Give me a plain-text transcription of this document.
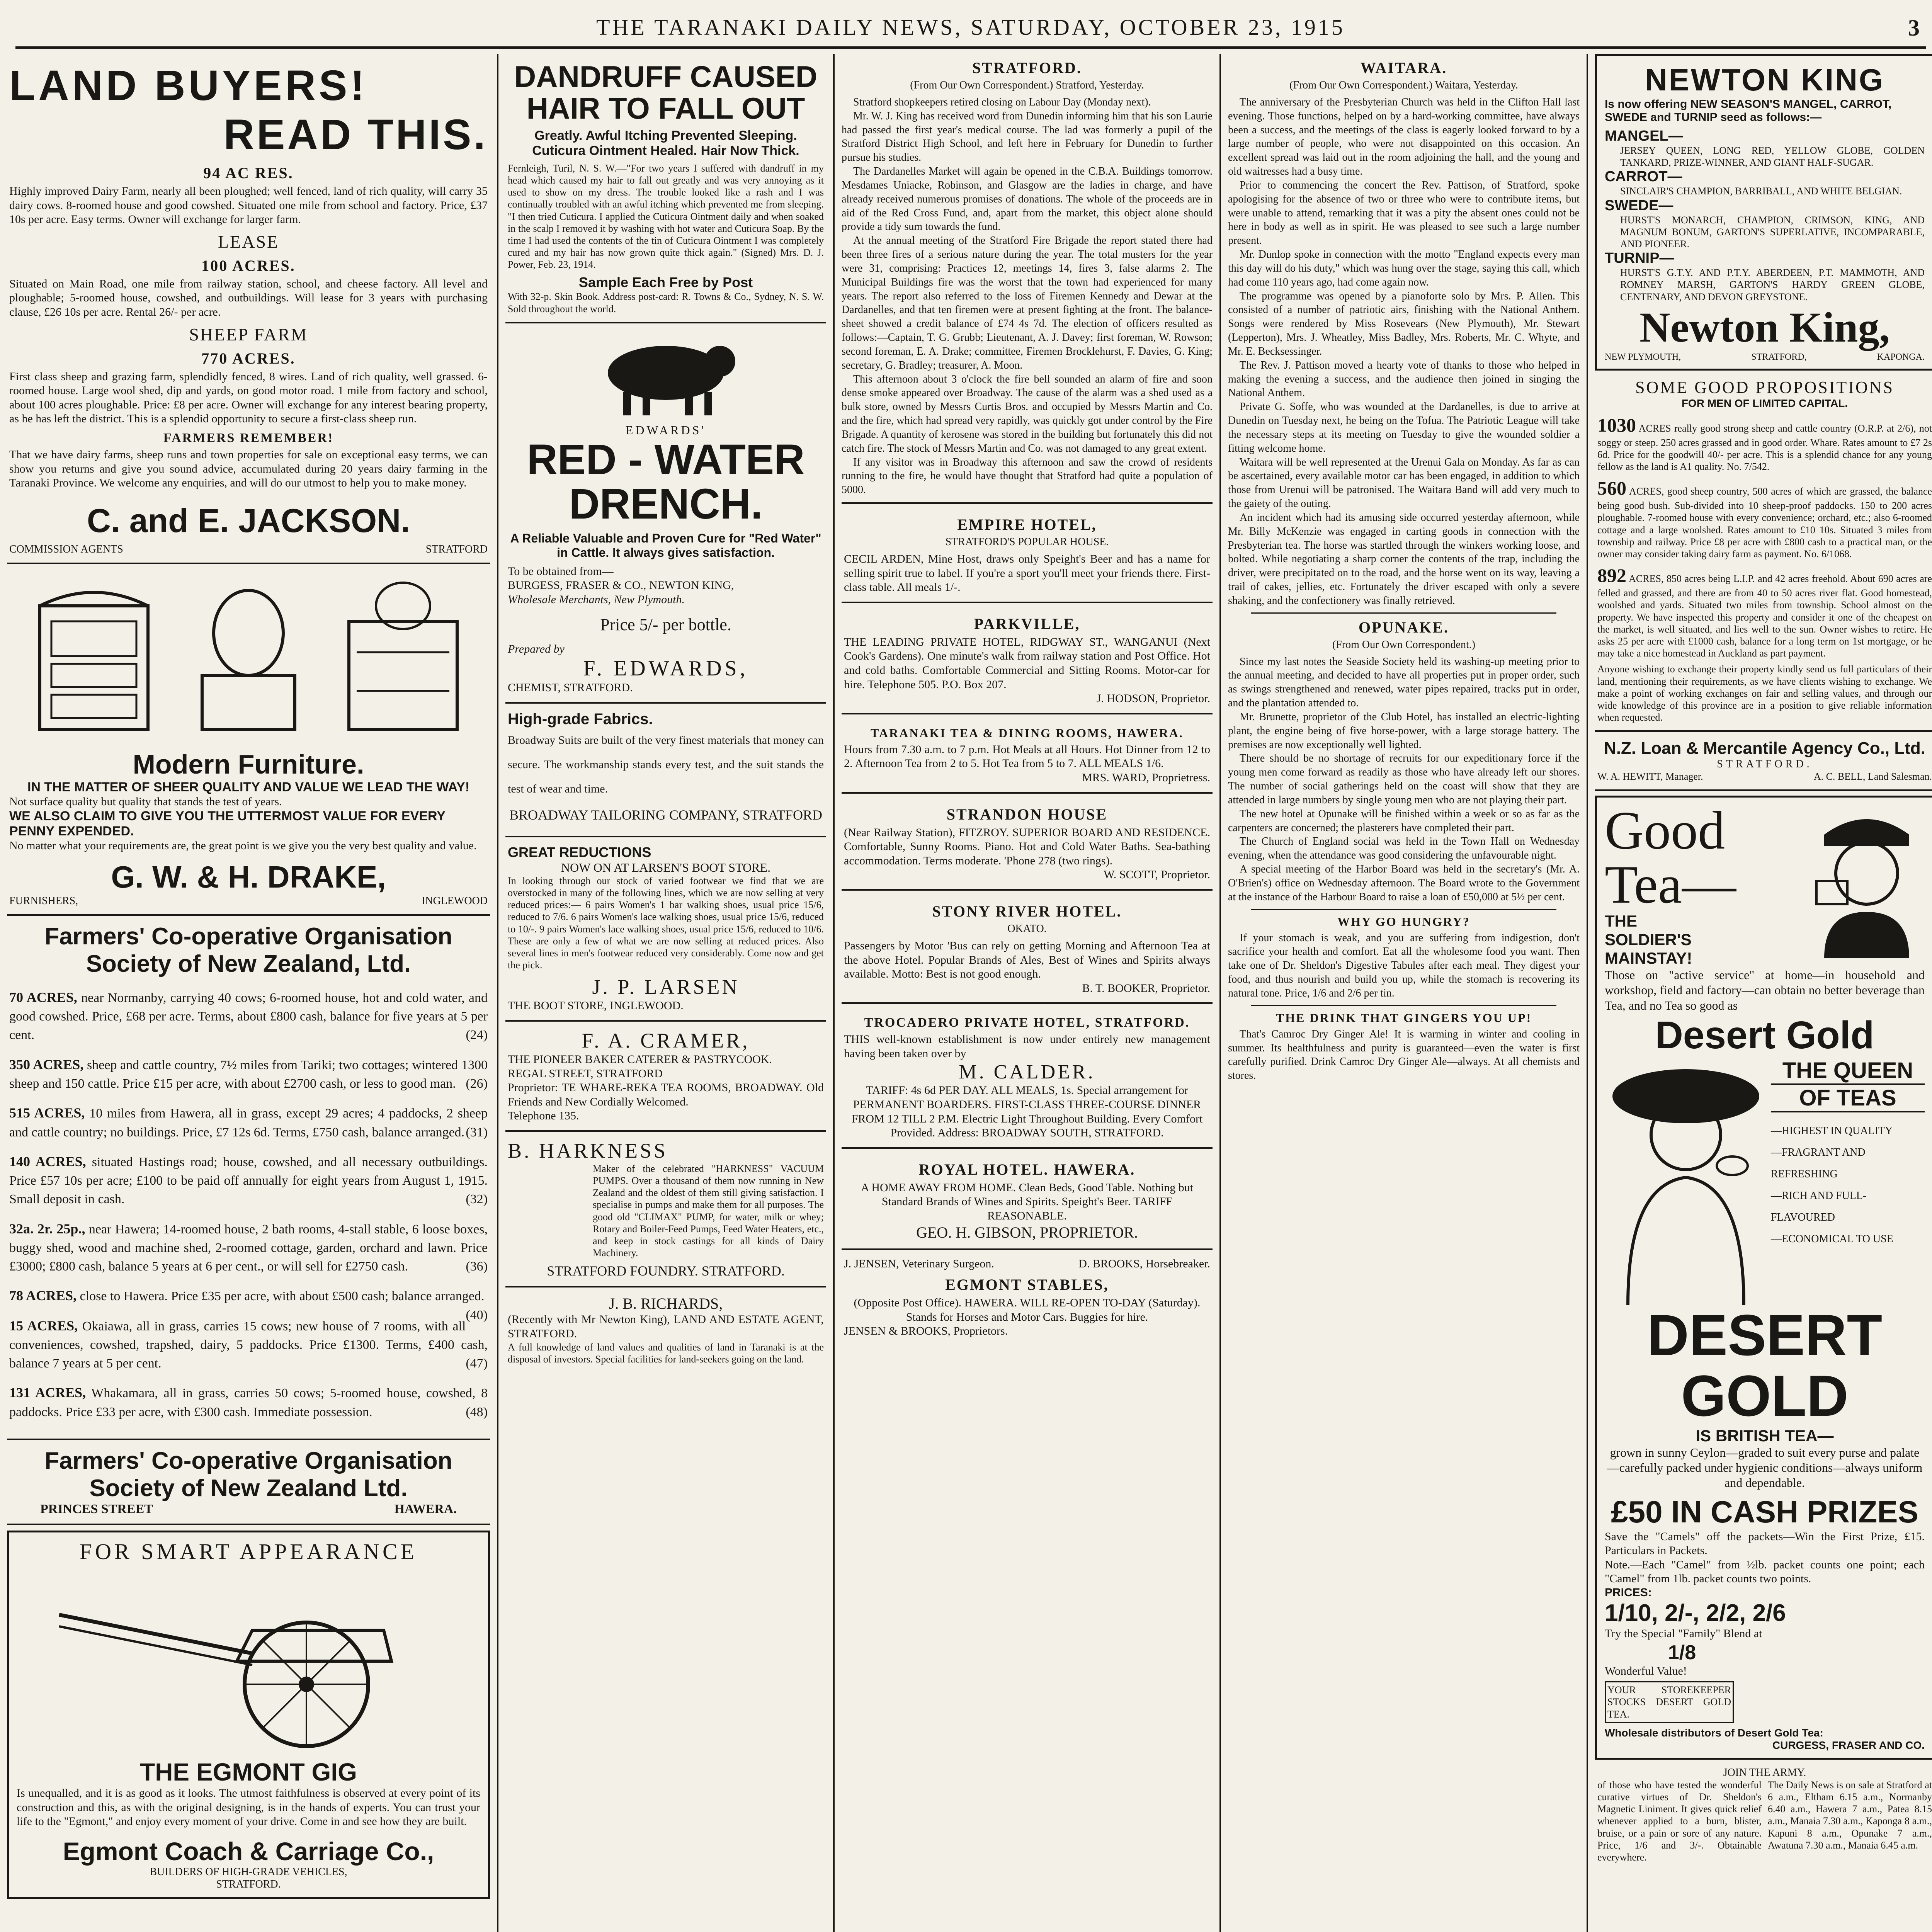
THE TARANAKI DAILY NEWS, SATURDAY, OCTOBER 23, 1915	3
LAND BUYERS!
READ THIS.
94 AC RES.
Highly improved Dairy Farm, nearly all been ploughed; well fenced, land of rich quality, will carry 35 dairy cows. 8-roomed house and good cowshed. Situated one mile from school and factory. Price, £37 10s per acre. Easy terms. Owner will exchange for larger farm.
LEASE
100 ACRES.
Situated on Main Road, one mile from railway station, school, and cheese factory. All level and ploughable; 5-roomed house, cowshed, and outbuildings. Will lease for 3 years with purchasing clause, £26 10s per acre. Rental 26/- per acre.
SHEEP FARM
770 ACRES.
First class sheep and grazing farm, splendidly fenced, 8 wires. Land of rich quality, well grassed. 6-roomed house. Large wool shed, dip and yards, on good motor road. 1 mile from factory and school, about 100 acres ploughable. Price: £8 per acre. Owner will exchange for any interest bearing property, as he has left the district. This is a splendid opportunity to secure a first-class sheep run.
FARMERS REMEMBER!
That we have dairy farms, sheep runs and town properties for sale on exceptional easy terms, we can show you returns and give you sound advice, accumulated during 20 years dairy farming in the Taranaki Province. We welcome any enquiries, and will do our utmost to help you to make money.
C. and E. JACKSON.
COMMISSION AGENTS	STRATFORD
Modern Furniture.
IN THE MATTER OF SHEER QUALITY AND VALUE WE LEAD THE WAY!
Not surface quality but quality that stands the test of years.
WE ALSO CLAIM TO GIVE YOU THE UTTERMOST VALUE FOR EVERY PENNY EXPENDED.
No matter what your requirements are, the great point is we give you the very best quality and value.
G. W. & H. DRAKE,
FURNISHERS,	INGLEWOOD
Farmers' Co-operative Organisation
Society of New Zealand, Ltd.
70 ACRES, near Normanby, carrying 40 cows; 6-roomed house, hot and cold water, and good cowshed. Price, £68 per acre. Terms, about £800 cash, balance for five years at 5 per cent.	(24)
350 ACRES, sheep and cattle country, 7½ miles from Tariki; two cottages; wintered 1300 sheep and 150 cattle. Price £15 per acre, with about £2700 cash, or less to good man. (26)
515 ACRES, 10 miles from Hawera, all in grass, except 29 acres; 4 paddocks, 2 sheep and cattle country; no buildings. Price, £7 12s 6d. Terms, £750 cash, balance arranged. (31)
140 ACRES, situated Hastings road; house, cowshed, and all necessary outbuildings. Price £57 10s per acre; £100 to be paid off annually for eight years from August 1, 1915. Small deposit in cash.	(32)
32a. 2r. 25p., near Hawera; 14-roomed house, 2 bath rooms, 4-stall stable, 6 loose boxes, buggy shed, wood and machine shed, 2-roomed cottage, garden, orchard and lawn. Price £3000; £800 cash, balance 5 years at 6 per cent., or will sell for £2750 cash.	(36)
78 ACRES, close to Hawera. Price £35 per acre, with about £500 cash; balance arranged.
(40)
15 ACRES, Okaiawa, all in grass, carries 15 cows; new house of 7 rooms, with all conveniences, cowshed, trapshed, dairy, 5 paddocks. Price £1300. Terms, £400 cash, balance 7 years at 5 per cent.	(47)
131 ACRES, Whakamara, all in grass, carries 50 cows; 5-roomed house, cowshed, 8 paddocks. Price £33 per acre, with £300 cash. Immediate possession.	(48)
Farmers' Co-operative Organisation
Society of New Zealand Ltd.
PRINCES STREET	HAWERA.
FOR SMART APPEARANCE
THE EGMONT GIG
Is unequalled, and it is as good as it looks. The utmost faithfulness is observed at every point of its construction and this, as with the original designing, is in the hands of experts. You can trust your life to the "Egmont," and enjoy every moment of your drive. Come in and see how they are built.
Egmont Coach & Carriage Co.,
BUILDERS OF HIGH-GRADE VEHICLES,
STRATFORD.
DANDRUFF CAUSED HAIR TO FALL OUT
Greatly. Awful Itching Prevented Sleeping. Cuticura Ointment Healed. Hair Now Thick.
Fernleigh, Turil, N. S. W.—"For two years I suffered with dandruff in my head which caused my hair to fall out greatly and was very annoying as it used to show on my dress. The trouble looked like a rash and I was continually troubled with an awful itching which prevented me from sleeping. "I then tried Cuticura. I applied the Cuticura Ointment daily and when soaked in the scalp I removed it by washing with hot water and Cuticura Soap. By the time I had used the contents of the tin of Cuticura Ointment I was completely cured and my hair has now grown quite thick again." (Signed) Mrs. D. J. Power, Feb. 23, 1914.
Sample Each Free by Post
With 32-p. Skin Book. Address post-card: R. Towns & Co., Sydney, N. S. W. Sold throughout the world.
EDWARDS'
RED - WATER DRENCH.
A Reliable Valuable and Proven Cure for "Red Water" in Cattle. It always gives satisfaction.
To be obtained from—
BURGESS, FRASER & CO., NEWTON KING,
Wholesale Merchants, New Plymouth.
Price 5/- per bottle.
Prepared by
F. EDWARDS,
CHEMIST, STRATFORD.
High-grade Fabrics.
Broadway Suits are built of the very finest materials that money can secure. The workmanship stands every test, and the suit stands the test of wear and time.
BROADWAY TAILORING COMPANY, STRATFORD
GREAT REDUCTIONS
NOW ON AT LARSEN'S BOOT STORE.
In looking through our stock of varied footwear we find that we are overstocked in many of the following lines, which we are now selling at very reduced prices:— 6 pairs Women's 1 bar walking shoes, usual price 15/6, reduced to 7/6. 6 pairs Women's lace walking shoes, usual price 15/6, reduced to 10/-. 9 pairs Women's lace walking shoes, usual price 15/6, reduced to 10/6. These are only a few of what we are now selling at reduced prices. Also several lines in men's footwear reduced very considerably. Come now and get the pick.
J. P. LARSEN
THE BOOT STORE, INGLEWOOD.
F. A. CRAMER,
THE PIONEER BAKER CATERER & PASTRYCOOK.
REGAL STREET, STRATFORD
Proprietor: TE WHARE-REKA TEA ROOMS, BROADWAY. Old Friends and New Cordially Welcomed.
Telephone 135.
B. HARKNESS
Maker of the celebrated "HARKNESS" VACUUM PUMPS. Over a thousand of them now running in New Zealand and the oldest of them still giving satisfaction. I specialise in pumps and make them for all purposes. The good old "CLIMAX" PUMP, for water, milk or whey; Rotary and Boiler-Feed Pumps, Feed Water Heaters, etc., and keep in stock castings for all kinds of Dairy Machinery.
STRATFORD FOUNDRY. STRATFORD.
J. B. RICHARDS,
(Recently with Mr Newton King), LAND AND ESTATE AGENT, STRATFORD.
A full knowledge of land values and qualities of land in Taranaki is at the disposal of investors. Special facilities for land-seekers going on the land.
STRATFORD.
(From Our Own Correspondent.) Stratford, Yesterday.

Stratford shopkeepers retired closing on Labour Day (Monday next).

Mr. W. J. King has received word from Dunedin informing him that his son Laurie had passed the first year's medical course. The lad was formerly a pupil of the Stratford District High School, and left here in February for Dunedin to further pursue his studies.

The Dardanelles Market will again be opened in the C.B.A. Buildings tomorrow. Mesdames Uniacke, Robinson, and Glasgow are the ladies in charge, and have already received numerous promises of donations. The whole of the proceeds are in aid of the Red Cross Fund, and, apart from the market, this object alone should provide a tidy sum towards the fund.

At the annual meeting of the Stratford Fire Brigade the report stated there had been three fires of a serious nature during the year. The total musters for the year were 31, comprising: Practices 12, meetings 14, fires 3, false alarms 2. The Municipal Buildings fire was the worst that the town had experienced for many years. The report also referred to the loss of Firemen Kennedy and Dewar at the Dardanelles, and that ten firemen were at present fighting at the front. The balance-sheet showed a credit balance of £74 4s 7d. The election of officers resulted as follows:—Captain, T. G. Grubb; Lieutenant, A. J. Davey; first foreman, W. Rowson; second foreman, E. A. Drake; committee, Firemen Brocklehurst, F. Davies, G. King; secretary, G. Bradley; treasurer, A. Moon.

This afternoon about 3 o'clock the fire bell sounded an alarm of fire and soon dense smoke appeared over Broadway. The cause of the alarm was a shed used as a bulk store, owned by Messrs Curtis Bros. and occupied by Messrs Martin and Co. and the fire, which had spread very rapidly, was quickly got under control by the Fire Brigade. A quantity of kerosene was stored in the building but fortunately this did not catch fire. The stock of Messrs Martin and Co. was not damaged to any great extent.

If any visitor was in Broadway this afternoon and saw the crowd of residents running to the fire, he would have thought that Stratford had quite a population of 5000.

EMPIRE HOTEL,
STRATFORD'S POPULAR HOUSE.
CECIL ARDEN, Mine Host, draws only Speight's Beer and has a name for selling spirit true to label. If you're a sport you'll meet your friends there. First-class table. All meals 1/-.
PARKVILLE,
THE LEADING PRIVATE HOTEL, RIDGWAY ST., WANGANUI (Next Cook's Gardens). One minute's walk from railway station and Post Office. Hot and cold baths. Comfortable Commercial and Sitting Rooms. Motor-car for hire. Telephone 505. P.O. Box 207.
J. HODSON, Proprietor.
TARANAKI TEA & DINING ROOMS, HAWERA.
Hours from 7.30 a.m. to 7 p.m. Hot Meals at all Hours. Hot Dinner from 12 to 2. Afternoon Tea from 2 to 5. Hot Tea from 5 to 7. ALL MEALS 1/6.
MRS. WARD, Proprietress.
STRANDON HOUSE
(Near Railway Station), FITZROY. SUPERIOR BOARD AND RESIDENCE. Comfortable, Sunny Rooms. Piano. Hot and Cold Water Baths. Sea-bathing accommodation. Terms moderate. 'Phone 278 (two rings).
W. SCOTT, Proprietor.
STONY RIVER HOTEL.
OKATO.
Passengers by Motor 'Bus can rely on getting Morning and Afternoon Tea at the above Hotel. Popular Brands of Ales, Best of Wines and Spirits always available. Motto: Best is not good enough.
B. T. BOOKER, Proprietor.
TROCADERO PRIVATE HOTEL, STRATFORD.
THIS well-known establishment is now under entirely new management having been taken over by
M. CALDER.
TARIFF: 4s 6d PER DAY. ALL MEALS, 1s. Special arrangement for PERMANENT BOARDERS. FIRST-CLASS THREE-COURSE DINNER FROM 12 TILL 2 P.M. Electric Light Throughout Building. Every Comfort Provided. Address: BROADWAY SOUTH, STRATFORD.
ROYAL HOTEL. HAWERA.
A HOME AWAY FROM HOME. Clean Beds, Good Table. Nothing but Standard Brands of Wines and Spirits. Speight's Beer. TARIFF REASONABLE.
GEO. H. GIBSON, PROPRIETOR.
J. JENSEN, Veterinary Surgeon.	D. BROOKS, Horsebreaker.
EGMONT STABLES,
(Opposite Post Office). HAWERA. WILL RE-OPEN TO-DAY (Saturday). Stands for Horses and Motor Cars. Buggies for hire.
JENSEN & BROOKS, Proprietors.
WAITARA.
(From Our Own Correspondent.) Waitara, Yesterday.

The anniversary of the Presbyterian Church was held in the Clifton Hall last evening. Those functions, helped on by a hard-working committee, have always been a success, and the meetings of the class is eagerly looked forward to by a large number of people, who were not disappointed on this occasion. An excellent spread was laid out in the room adjoining the hall, and the young and old waitresses had a busy time.

Prior to commencing the concert the Rev. Pattison, of Stratford, spoke apologising for the absence of two or three who were to contribute items, but were unable to attend, remarking that it was a pity the absent ones could not be here in body as well as in spirit. He was pleased to see such a large number present.

Mr. Dunlop spoke in connection with the motto "England expects every man this day will do his duty," which was hung over the stage, saying this call, which had come 110 years ago, had come again now.

The programme was opened by a pianoforte solo by Mrs. P. Allen. This consisted of a number of patriotic airs, finishing with the National Anthem. Songs were rendered by Miss Rosevears (New Plymouth), Mr. Stewart (Lepperton), Mrs. J. Wheatley, Miss Badley, Mrs. Roberts, Mr. C. Whyte, and Mr. E. Becksessinger.

The Rev. J. Pattison moved a hearty vote of thanks to those who helped in making the evening a success, and the audience then joined in singing the National Anthem.

Private G. Soffe, who was wounded at the Dardanelles, is due to arrive at Dunedin on Tuesday next, he being on the Tofua. The Patriotic League will take the necessary steps at its meeting on Tuesday to give the wounded soldier a fitting welcome home.

Waitara will be well represented at the Urenui Gala on Monday. As far as can be ascertained, every available motor car has been engaged, in addition to which those from Urenui will be patronised. The Waitara Band will add very much to the gaiety of the outing.

An incident which had its amusing side occurred yesterday afternoon, while Mr. Billy McKenzie was engaged in carting goods in connection with the Presbyterian tea. The horse was startled through the winkers working loose, and bolted. While negotiating a sharp corner the contents of the trap, including the driver, were precipitated on to the road, and the horse went on its way, leaving a trail of cakes, jellies, etc. Fortunately the driver escaped with only a severe shaking, and the confectionery was finally retrieved.

OPUNAKE.
(From Our Own Correspondent.)

Since my last notes the Seaside Society held its washing-up meeting prior to the annual meeting, and decided to have all properties put in proper order, such as swings strengthened and renewed, water pipes repaired, tracks put in order, and the plantation attended to.

Mr. Brunette, proprietor of the Club Hotel, has installed an electric-lighting plant, the engine being of five horse-power, with a large storage battery. The premises are now exceptionally well lighted.

There should be no shortage of recruits for our expeditionary force if the young men come forward as readily as those who have already left our shores. The number of social gatherings held on the coast will show that they are attended in large numbers by single young men who are not playing their part.

The new hotel at Opunake will be finished within a week or so as far as the carpenters are concerned; the plasterers have completed their part.

The Church of England social was held in the Town Hall on Wednesday evening, when the attendance was good considering the unfavourable night.

A special meeting of the Harbor Board was held in the secretary's (Mr. A. O'Brien's) office on Wednesday afternoon. The Board wrote to the Government at the instance of the Harbour Board to raise a loan of £50,000 at 5½ per cent.

WHY GO HUNGRY?

If your stomach is weak, and you are suffering from indigestion, don't sacrifice your health and comfort. Eat all the wholesome food you want. Then take one of Dr. Sheldon's Digestive Tabules after each meal. They digest your food, and thus nourish and build you up, while the stomach is recovering its natural tone. Price, 1/6 and 2/6 per tin.

THE DRINK THAT GINGERS YOU UP!

That's Camroc Dry Ginger Ale! It is warming in winter and cooling in summer. Its healthfulness and purity is guaranteed—even the water is first carefully purified. Drink Camroc Dry Ginger Ale—always. At all chemists and stores.

NEWTON KING
Is now offering NEW SEASON'S MANGEL, CARROT, SWEDE and TURNIP seed as follows:—
MANGEL—
JERSEY QUEEN, LONG RED, YELLOW GLOBE, GOLDEN TANKARD, PRIZE-WINNER, AND GIANT HALF-SUGAR.
CARROT—
SINCLAIR'S CHAMPION, BARRIBALL, AND WHITE BELGIAN.
SWEDE—
HURST'S MONARCH, CHAMPION, CRIMSON, KING, AND MAGNUM BONUM, GARTON'S SUPERLATIVE, INCOMPARABLE, AND PIONEER.
TURNIP—
HURST'S G.T.Y. AND P.T.Y. ABERDEEN, P.T. MAMMOTH, AND ROMNEY MARSH, GARTON'S HARDY GREEN GLOBE, CENTENARY, AND DEVON GREYSTONE.
Newton King,
NEW PLYMOUTH,	STRATFORD,	KAPONGA.
SOME GOOD PROPOSITIONS
FOR MEN OF LIMITED CAPITAL.
1030 ACRES really good strong sheep and cattle country (O.R.P. at 2/6), not soggy or steep. 250 acres grassed and in good order. Whare. Rates amount to £7 2s 6d. Price for the goodwill 40/- per acre. This is a splendid chance for any young fellow as the land is A1 quality. No. 7/542.
560 ACRES, good sheep country, 500 acres of which are grassed, the balance being good bush. Sub-divided into 10 sheep-proof paddocks. 150 to 200 acres ploughable. 7-roomed house with every convenience; orchard, etc.; also 6-roomed cottage and a large woolshed. Rates amount to £10 10s. Situated 3 miles from township and railway. Price £8 per acre with £800 cash to a practical man, or the owner may consider taking dairy farm as payment. No. 6/1068.
892 ACRES, 850 acres being L.I.P. and 42 acres freehold. About 690 acres are felled and grassed, and there are from 40 to 50 acres river flat. Good homestead, woolshed and yards. Situated two miles from township. School almost on the property. We have inspected this property and consider it one of the cheapest on the market, is well situated, and lies well to the sun. Owner wishes to retire. He asks 25 per acre with £1000 cash, balance for a long term on 1st mortgage, or he may take a nice homestead in Auckland as part payment.
Anyone wishing to exchange their property kindly send us full particulars of their land, mentioning their requirements, as we have clients wishing to exchange. We make a point of working exchanges on fair and selling values, and through our wide knowledge of this province are in a position to give reliable information when requested.
N.Z. Loan & Mercantile Agency Co., Ltd.
STRATFORD.
W. A. HEWITT, Manager.	A. C. BELL, Land Salesman.
Good Tea—
THE
SOLDIER'S
MAINSTAY!
Those on "active service" at home—in household and workshop, field and factory—can obtain no better beverage than Tea, and no Tea so good as
Desert Gold
THE QUEEN
OF TEAS
—HIGHEST IN QUALITY
—FRAGRANT AND REFRESHING
—RICH AND FULL-FLAVOURED
—ECONOMICAL TO USE
DESERT GOLD
IS BRITISH TEA—
grown in sunny Ceylon—graded to suit every purse and palate—carefully packed under hygienic conditions—always uniform and dependable.
£50 IN CASH PRIZES
Save the "Camels" off the packets—Win the First Prize, £15. Particulars in Packets.
Note.—Each "Camel" from ½lb. packet counts one point; each "Camel" from 1lb. packet counts two points.
PRICES:
1/10, 2/-, 2/2, 2/6
Try the Special "Family" Blend at
1/8
Wonderful Value!
YOUR STOREKEEPER STOCKS DESERT GOLD TEA.
Wholesale distributors of Desert Gold Tea:
CURGESS, FRASER AND CO.
JOIN THE ARMY.
of those who have tested the wonderful curative virtues of Dr. Sheldon's Magnetic Liniment. It gives quick relief whenever applied to a burn, blister, bruise, or a pain or sore of any nature. Price, 1/6 and 3/-. Obtainable everywhere.
The Daily News is on sale at Stratford at 6 a.m., Eltham 6.15 a.m., Normanby 6.40 a.m., Hawera 7 a.m., Patea 8.15 a.m., Manaia 7.30 a.m., Kaponga 8 a.m., Kapuni 8 a.m., Opunake 7 a.m., Awatuna 7.30 a.m., Manaia 6.45 a.m.
